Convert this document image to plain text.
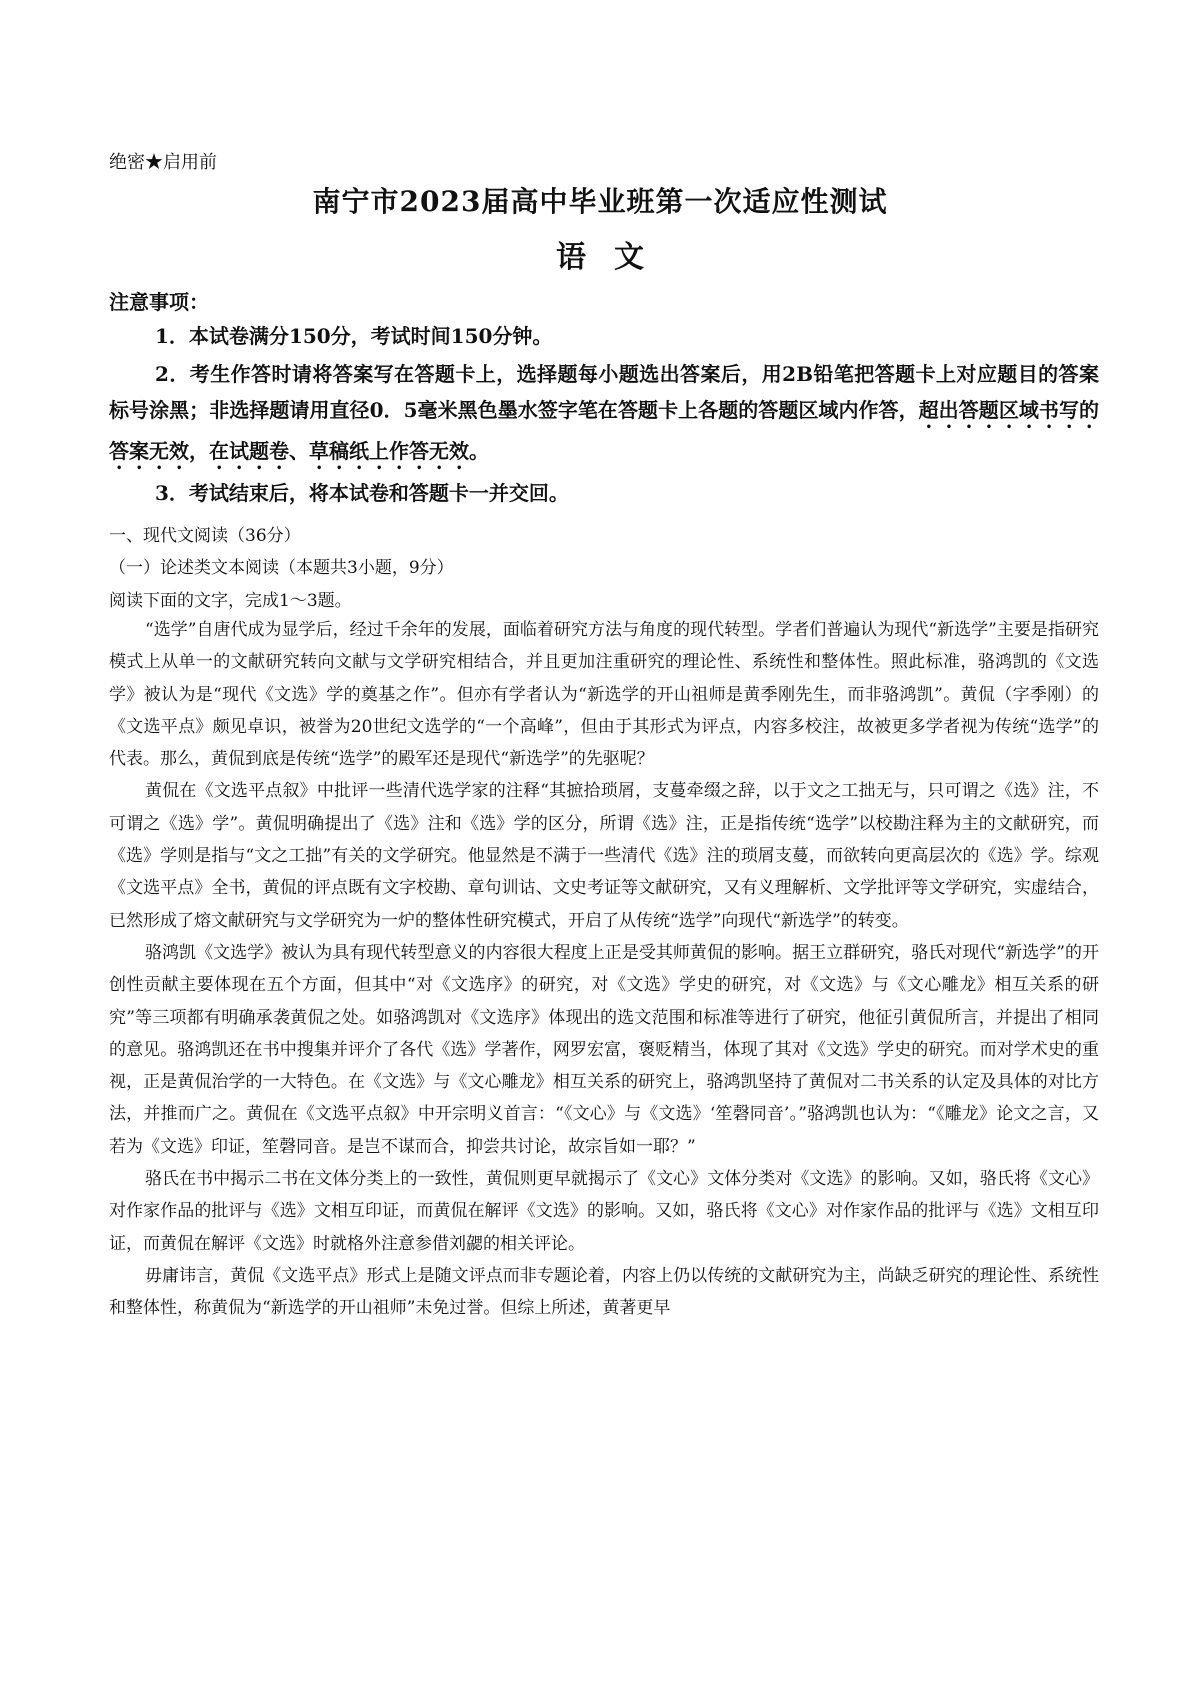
绝密★启用前
南宁市2023届高中毕业班第一次适应性测试
语文
注意事项：
1．本试卷满分150分，考试时间150分钟。
2．考生作答时请将答案写在答题卡上，选择题每小题选出答案后，用2B铅笔把答题卡上对应题目的答案标号涂黑；非选择题请用直径0．5毫米黑色墨水签字笔在答题卡上各题的答题区域内作答，超出答题区域书写的答案无效，在试题卷、草稿纸上作答无效。
3．考试结束后，将本试卷和答题卡一并交回。
一、现代文阅读（36分）
（一）论述类文本阅读（本题共3小题，9分）
阅读下面的文字，完成1～3题。

“选学”自唐代成为显学后，经过千余年的发展，面临着研究方法与角度的现代转型。学者们普遍认为现代“新选学”主要是指研究模式上从单一的文献研究转向文献与文学研究相结合，并且更加注重研究的理论性、系统性和整体性。照此标准，骆鸿凯的《文选学》被认为是“现代《文选》学的奠基之作”。但亦有学者认为“新选学的开山祖师是黄季刚先生，而非骆鸿凯”。黄侃（字季刚）的《文选平点》颇见卓识，被誉为20世纪文选学的“一个高峰”，但由于其形式为评点，内容多校注，故被更多学者视为传统“选学”的代表。那么，黄侃到底是传统“选学”的殿军还是现代“新选学”的先驱呢？

黄侃在《文选平点叙》中批评一些清代选学家的注释“其摭拾琐屑，支蔓牵缀之辞，以于文之工拙无与，只可谓之《选》注，不可谓之《选》学”。黄侃明确提出了《选》注和《选》学的区分，所谓《选》注，正是指传统“选学”以校勘注释为主的文献研究，而《选》学则是指与“文之工拙”有关的文学研究。他显然是不满于一些清代《选》注的琐屑支蔓，而欲转向更高层次的《选》学。综观《文选平点》全书，黄侃的评点既有文字校勘、章句训诂、文史考证等文献研究，又有义理解析、文学批评等文学研究，实虚结合，已然形成了熔文献研究与文学研究为一炉的整体性研究模式，开启了从传统“选学”向现代“新选学”的转变。

骆鸿凯《文选学》被认为具有现代转型意义的内容很大程度上正是受其师黄侃的影响。据王立群研究，骆氏对现代“新选学”的开创性贡献主要体现在五个方面，但其中“对《文选序》的研究，对《文选》学史的研究，对《文选》与《文心雕龙》相互关系的研究”等三项都有明确承袭黄侃之处。如骆鸿凯对《文选序》体现出的选文范围和标准等进行了研究，他征引黄侃所言，并提出了相同的意见。骆鸿凯还在书中搜集并评介了各代《选》学著作，网罗宏富，褒贬精当，体现了其对《文选》学史的研究。而对学术史的重视，正是黄侃治学的一大特色。在《文选》与《文心雕龙》相互关系的研究上，骆鸿凯坚持了黄侃对二书关系的认定及具体的对比方法，并推而广之。黄侃在《文选平点叙》中开宗明义首言：“《文心》与《文选》‘笙磬同音’。”骆鸿凯也认为：“《雕龙》论文之言，又若为《文选》印证，笙磬同音。是岂不谋而合，抑尝共讨论，故宗旨如一耶？”

骆氏在书中揭示二书在文体分类上的一致性，黄侃则更早就揭示了《文心》文体分类对《文选》的影响。又如，骆氏将《文心》对作家作品的批评与《选》文相互印证，而黄侃在解评《文选》的影响。又如，骆氏将《文心》对作家作品的批评与《选》文相互印证，而黄侃在解评《文选》时就格外注意参借刘勰的相关评论。

毋庸讳言，黄侃《文选平点》形式上是随文评点而非专题论着，内容上仍以传统的文献研究为主，尚缺乏研究的理论性、系统性和整体性，称黄侃为“新选学的开山祖师”未免过誉。但综上所述，黄著更早
